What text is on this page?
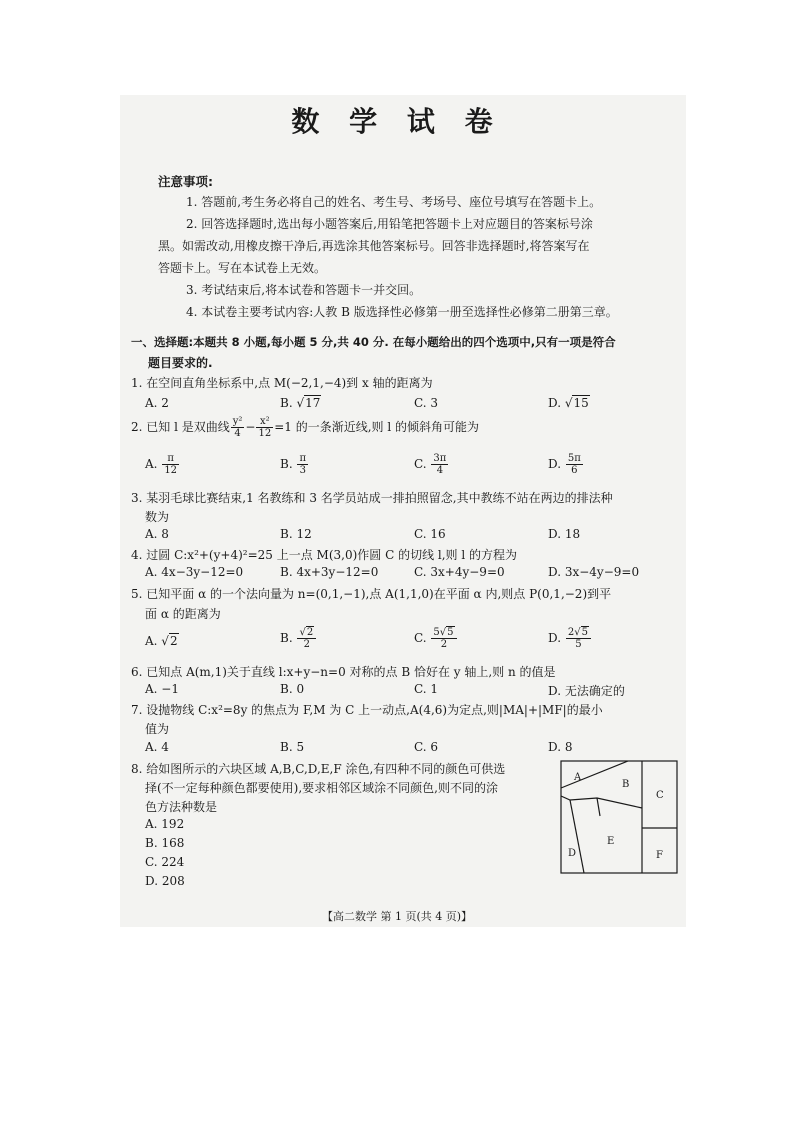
数 学 试 卷
注意事项:
1. 答题前,考生务必将自己的姓名、考生号、考场号、座位号填写在答题卡上。
2. 回答选择题时,选出每小题答案后,用铅笔把答题卡上对应题目的答案标号涂
黑。如需改动,用橡皮擦干净后,再选涂其他答案标号。回答非选择题时,将答案写在
答题卡上。写在本试卷上无效。
3. 考试结束后,将本试卷和答题卡一并交回。
4. 本试卷主要考试内容:人教 B 版选择性必修第一册至选择性必修第二册第三章。
一、选择题:本题共 8 小题,每小题 5 分,共 40 分. 在每小题给出的四个选项中,只有一项是符合
题目要求的.
1. 在空间直角坐标系中,点 M(−2,1,−4)到 x 轴的距离为
A. 2	B. √17	C. 3	D. √15
2. 已知 l 是双曲线 $\frac{\text{y²}}{4} - \frac{\text{x²}}{12} =1$ 的一条渐近线,则 l 的倾斜角可能为
A. $\frac{\pi}{12}$	B. $\frac{\pi}{3}$	C. $\frac{3\pi}{4}$	D. $\frac{5\pi}{6}$
3. 某羽毛球比赛结束,1 名教练和 3 名学员站成一排拍照留念,其中教练不站在两边的排法种
数为
A. 8	B. 12	C. 16	D. 18
4. 过圆 C:x²+(y+4)²=25 上一点 M(3,0)作圆 C 的切线 l,则 l 的方程为
A. 4x−3y−12=0	B. 4x+3y−12=0	C. 3x+4y−9=0	D. 3x−4y−9=0
5. 已知平面 α 的一个法向量为 n=(0,1,−1),点 A(1,1,0)在平面 α 内,则点 P(0,1,−2)到平
面 α 的距离为
A. √2	B. $\frac{√2}{2}$	C. $\frac{5√5}{2}$	D. $\frac{2√5}{5}$
6. 已知点 A(m,1)关于直线 l:x+y−n=0 对称的点 B 恰好在 y 轴上,则 n 的值是
A. −1	B. 0	C. 1	D. 无法确定的
7. 设抛物线 C:x²=8y 的焦点为 F,M 为 C 上一动点,A(4,6)为定点,则|MA|+|MF|的最小
值为
A. 4	B. 5	C. 6	D. 8
8. 给如图所示的六块区域 A,B,C,D,E,F 涂色,有四种不同的颜色可供选
择(不一定每种颜色都要使用),要求相邻区域涂不同颜色,则不同的涂
色方法种数是
A. 192
B. 168
C. 224
D. 208
A
B
C
D
E
F
【高二数学 第 1 页(共 4 页)】
